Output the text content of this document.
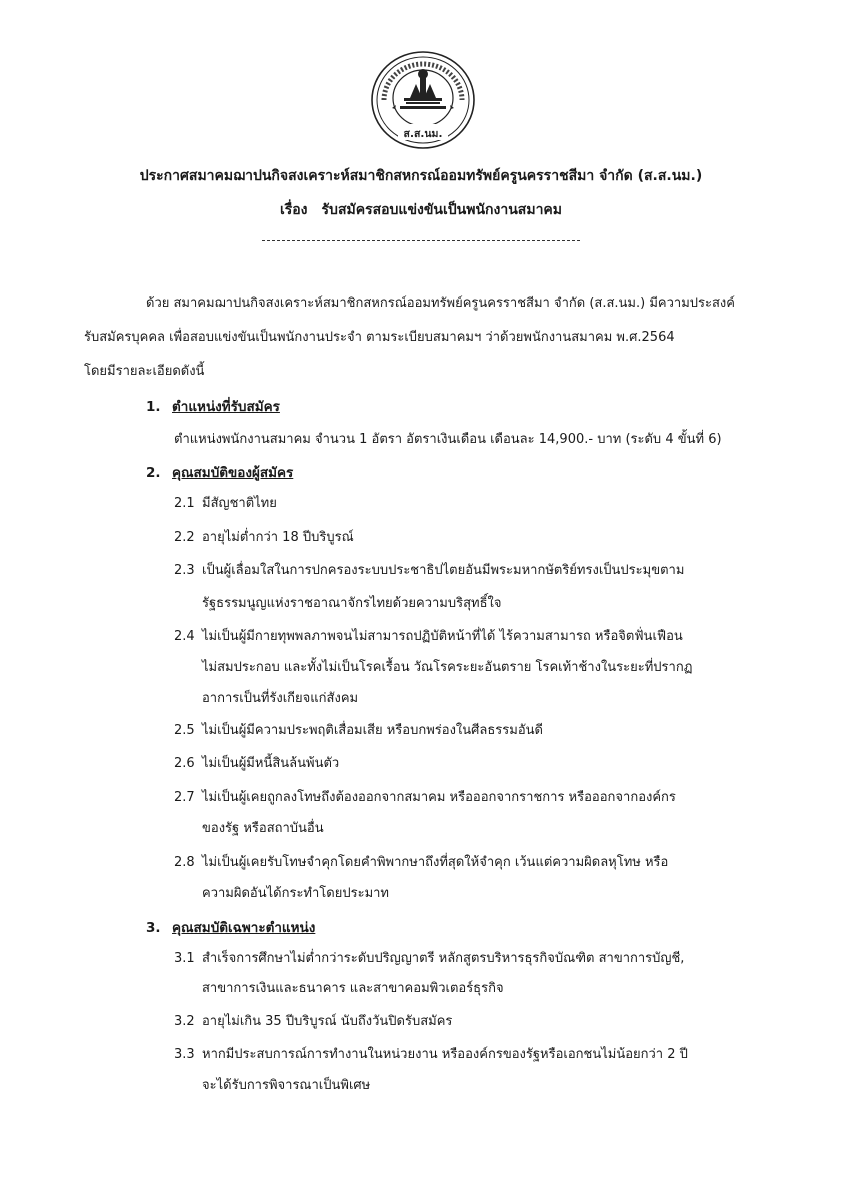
ส.ส.นม.
ประกาศสมาคมฌาปนกิจสงเคราะห์สมาชิกสหกรณ์ออมทรัพย์ครูนครราชสีมา จำกัด (ส.ส.นม.)
เรื่อง รับสมัครสอบแข่งขันเป็นพนักงานสมาคม
ด้วย สมาคมฌาปนกิจสงเคราะห์สมาชิกสหกรณ์ออมทรัพย์ครูนครราชสีมา จำกัด (ส.ส.นม.) มีความประสงค์
รับสมัครบุคคล เพื่อสอบแข่งขันเป็นพนักงานประจำ ตามระเบียบสมาคมฯ ว่าด้วยพนักงานสมาคม พ.ศ.2564
โดยมีรายละเอียดดังนี้
1. ตำแหน่งที่รับสมัคร
ตำแหน่งพนักงานสมาคม จำนวน 1 อัตรา อัตราเงินเดือน เดือนละ 14,900.- บาท (ระดับ 4 ขั้นที่ 6)
2. คุณสมบัติของผู้สมัคร
2.1 มีสัญชาติไทย
2.2 อายุไม่ต่ำกว่า 18 ปีบริบูรณ์
2.3 เป็นผู้เลื่อมใสในการปกครองระบบประชาธิปไตยอันมีพระมหากษัตริย์ทรงเป็นประมุขตาม
รัฐธรรมนูญแห่งราชอาณาจักรไทยด้วยความบริสุทธิ์ใจ
2.4 ไม่เป็นผู้มีกายทุพพลภาพจนไม่สามารถปฏิบัติหน้าที่ได้ ไร้ความสามารถ หรือจิตฟั่นเฟือน
ไม่สมประกอบ และทั้งไม่เป็นโรคเรื้อน วัณโรคระยะอันตราย โรคเท้าช้างในระยะที่ปรากฏ
อาการเป็นที่รังเกียจแก่สังคม
2.5 ไม่เป็นผู้มีความประพฤติเสื่อมเสีย หรือบกพร่องในศีลธรรมอันดี
2.6 ไม่เป็นผู้มีหนี้สินล้นพ้นตัว
2.7 ไม่เป็นผู้เคยถูกลงโทษถึงต้องออกจากสมาคม หรือออกจากราชการ หรือออกจากองค์กร
ของรัฐ หรือสถาบันอื่น
2.8 ไม่เป็นผู้เคยรับโทษจำคุกโดยคำพิพากษาถึงที่สุดให้จำคุก เว้นแต่ความผิดลหุโทษ หรือ
ความผิดอันได้กระทำโดยประมาท
3. คุณสมบัติเฉพาะตำแหน่ง
3.1 สำเร็จการศึกษาไม่ต่ำกว่าระดับปริญญาตรี หลักสูตรบริหารธุรกิจบัณฑิต สาขาการบัญชี,
สาขาการเงินและธนาคาร และสาขาคอมพิวเตอร์ธุรกิจ
3.2 อายุไม่เกิน 35 ปีบริบูรณ์ นับถึงวันปิดรับสมัคร
3.3 หากมีประสบการณ์การทำงานในหน่วยงาน หรือองค์กรของรัฐหรือเอกชนไม่น้อยกว่า 2 ปี
จะได้รับการพิจารณาเป็นพิเศษ
